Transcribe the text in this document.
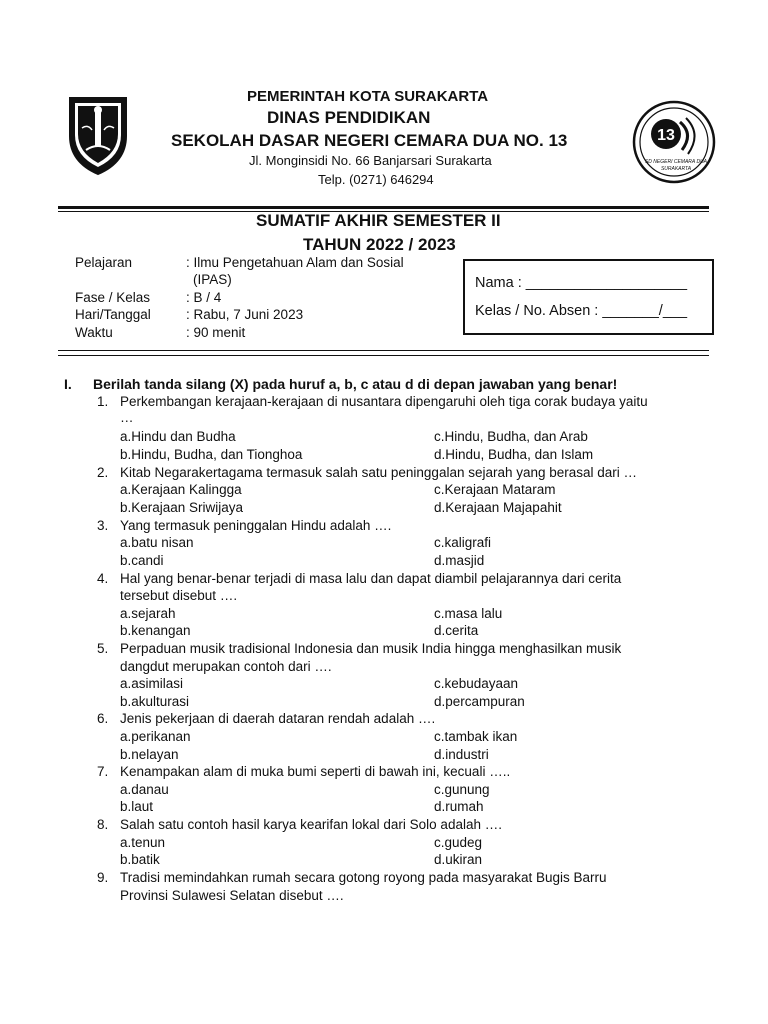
13
SD NEGERI CEMARA DUA
SURAKARTA
PEMERINTAH KOTA SURAKARTA
DINAS PENDIDIKAN
SEKOLAH DASAR NEGERI CEMARA DUA NO. 13
Jl. Monginsidi No. 66 Banjarsari Surakarta
Telp. (0271) 646294
SUMATIF AKHIR SEMESTER II
TAHUN 2022 / 2023
Pelajaran	: Ilmu Pengetahuan Alam dan Sosial
(IPAS)
Fase / Kelas	: B / 4
Hari/Tanggal	: Rabu, 7 Juni 2023
Waktu	: 90 menit
Nama : ____________________
Kelas / No. Absen : _______/___
I. Berilah tanda silang (X) pada huruf a, b, c atau d di depan jawaban yang benar!
1. Perkembangan kerajaan-kerajaan di nusantara dipengaruhi oleh tiga corak budaya yaitu
…
a.Hindu dan Budha	c.Hindu, Budha, dan Arab
b.Hindu, Budha, dan Tionghoa	d.Hindu, Budha, dan Islam
2. Kitab Negarakertagama termasuk salah satu peninggalan sejarah yang berasal dari …
a.Kerajaan Kalingga	c.Kerajaan Mataram
b.Kerajaan Sriwijaya	d.Kerajaan Majapahit
3. Yang termasuk peninggalan Hindu adalah ….
a.batu nisan	c.kaligrafi
b.candi	d.masjid
4. Hal yang benar-benar terjadi di masa lalu dan dapat diambil pelajarannya dari cerita
tersebut disebut ….
a.sejarah	c.masa lalu
b.kenangan	d.cerita
5. Perpaduan musik tradisional Indonesia dan musik India hingga menghasilkan musik
dangdut merupakan contoh dari ….
a.asimilasi	c.kebudayaan
b.akulturasi	d.percampuran
6. Jenis pekerjaan di daerah dataran rendah adalah ….
a.perikanan	c.tambak ikan
b.nelayan	d.industri
7. Kenampakan alam di muka bumi seperti di bawah ini, kecuali …..
a.danau	c.gunung
b.laut	d.rumah
8. Salah satu contoh hasil karya kearifan lokal dari Solo adalah ….
a.tenun	c.gudeg
b.batik	d.ukiran
9. Tradisi memindahkan rumah secara gotong royong pada masyarakat Bugis Barru
Provinsi Sulawesi Selatan disebut ….
